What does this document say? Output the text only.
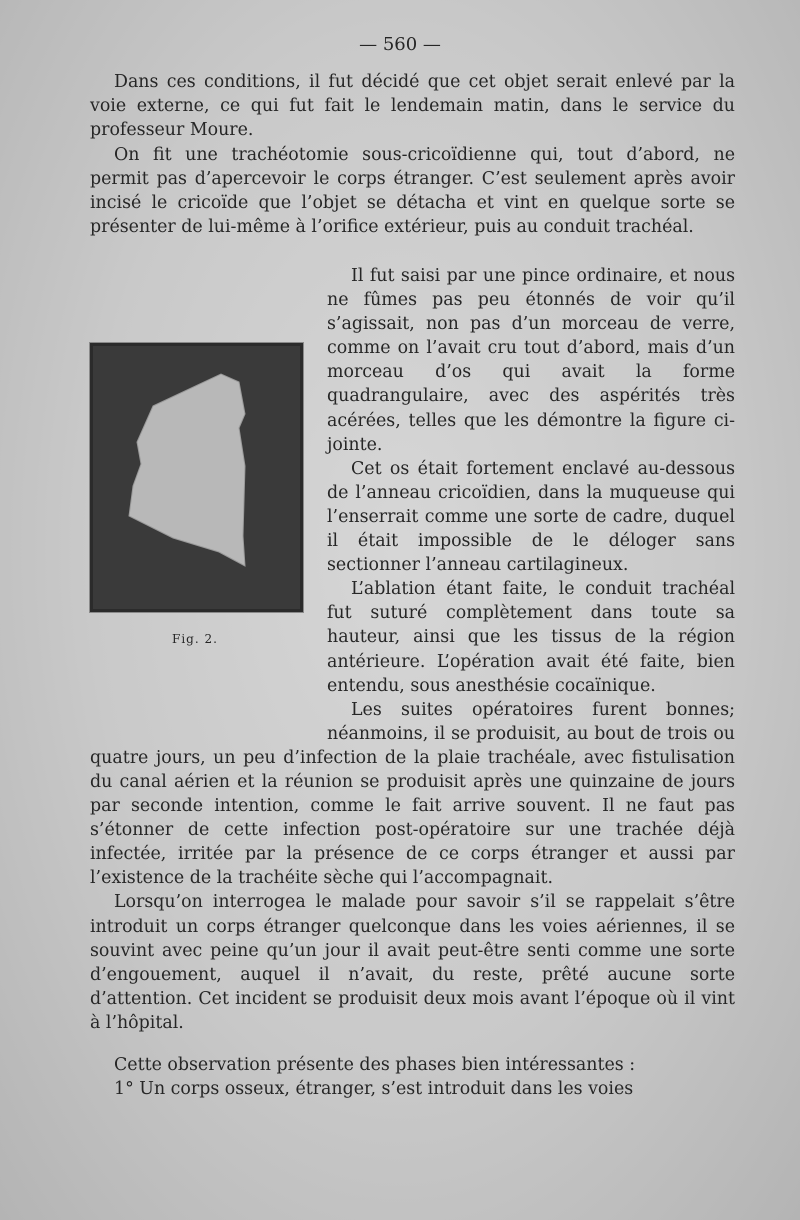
— 560 —

Dans ces conditions, il fut décidé que cet objet serait enlevé par la voie externe, ce qui fut fait le lendemain matin, dans le service du professeur Moure.

On fit une trachéotomie sous-cricoïdienne qui, tout d’abord, ne permit pas d’apercevoir le corps étranger. C’est seulement après avoir incisé le cricoïde que l’objet se détacha et vint en quelque sorte se présenter de lui-même à l’orifice extérieur, puis au conduit trachéal.

Il fut saisi par une pince ordinaire, et nous ne fûmes pas peu étonnés de voir qu’il s’agissait, non pas d’un morceau de verre, comme on l’avait cru tout d’abord, mais d’un morceau d’os qui avait la forme quadrangulaire, avec des aspérités très acérées, telles que les démontre la figure ci-jointe.

Cet os était fortement enclavé au-dessous de l’anneau cricoïdien, dans la muqueuse qui l’enserrait comme une sorte de cadre, duquel il était impossible de le déloger sans sectionner l’anneau cartilagineux.

L’ablation étant faite, le conduit trachéal fut suturé complètement dans toute sa hauteur, ainsi que les tissus de la région antérieure. L’opération avait été faite, bien entendu, sous anesthésie cocaïnique.

Les suites opératoires furent bonnes; néanmoins, il se produisit, au bout de trois ou quatre jours, un peu d’infection de la plaie trachéale, avec fistulisation du canal aérien et la réunion se produisit après une quinzaine de jours par seconde intention, comme le fait arrive souvent. Il ne faut pas s’étonner de cette infection post-opératoire sur une trachée déjà infectée, irritée par la présence de ce corps étranger et aussi par l’existence de la trachéite sèche qui l’accompagnait.

Lorsqu’on interrogea le malade pour savoir s’il se rappelait s’être introduit un corps étranger quelconque dans les voies aériennes, il se souvint avec peine qu’un jour il avait peut-être senti comme une sorte d’engouement, auquel il n’avait, du reste, prêté aucune sorte d’attention. Cet incident se produisit deux mois avant l’époque où il vint à l’hôpital.

Cette observation présente des phases bien intéressantes :

1° Un corps osseux, étranger, s’est introduit dans les voies

Fig. 2.
